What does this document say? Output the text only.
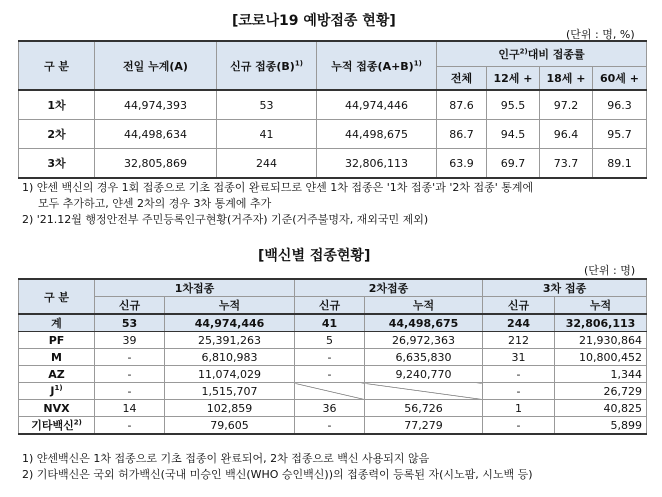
[코로나19 예방접종 현황]
(단위 : 명, %)
구 분	전일 누계(A)	신규 접종$(B)^{1)}$	누적 접종$(A+B)^{1)}$	인구$^{2)}$대비 접종률			
				전체	12세 +	18세 +	60세 +
1차	44,974,393	53	44,974,446	87.6	95.5	97.2	96.3
2차	44,498,634	41	44,498,675	86.7	94.5	96.4	95.7
3차	32,805,869	244	32,806,113	63.9	69.7	73.7	89.1
1) 얀센 백신의 경우 1회 접종으로 기초 접종이 완료되므로 얀센 1차 접종은 '1차 접종'과 '2차 접종' 통계에
모두 추가하고, 얀센 2차의 경우 3차 통계에 추가
2) '21.12월 행정안전부 주민등록인구현황(거주자) 기준(거주불명자, 재외국민 제외)
[백신별 접종현황]
(단위 : 명)
구 분	1차접종		2차접종		3차 접종	
	신규	누적	신규	누적	신규	누적
계	53	44,974,446	41	44,498,675	244	32,806,113
PF	39	25,391,263	5	26,972,363	212	21,930,864
M	-	6,810,983	-	6,635,830	31	10,800,452
AZ	-	11,074,029	-	9,240,770	-	1,344
$J^{1)}$	-	1,515,707			-	26,729
NVX	14	102,859	36	56,726	1	40,825
기타백신$^{2)}$	-	79,605	-	77,279	-	5,899
1) 얀센백신은 1차 접종으로 기초 접종이 완료되어, 2차 접종으로 백신 사용되지 않음
2) 기타백신은 국외 허가백신(국내 미승인 백신(WHO 승인백신))의 접종력이 등록된 자(시노팜, 시노백 등)
